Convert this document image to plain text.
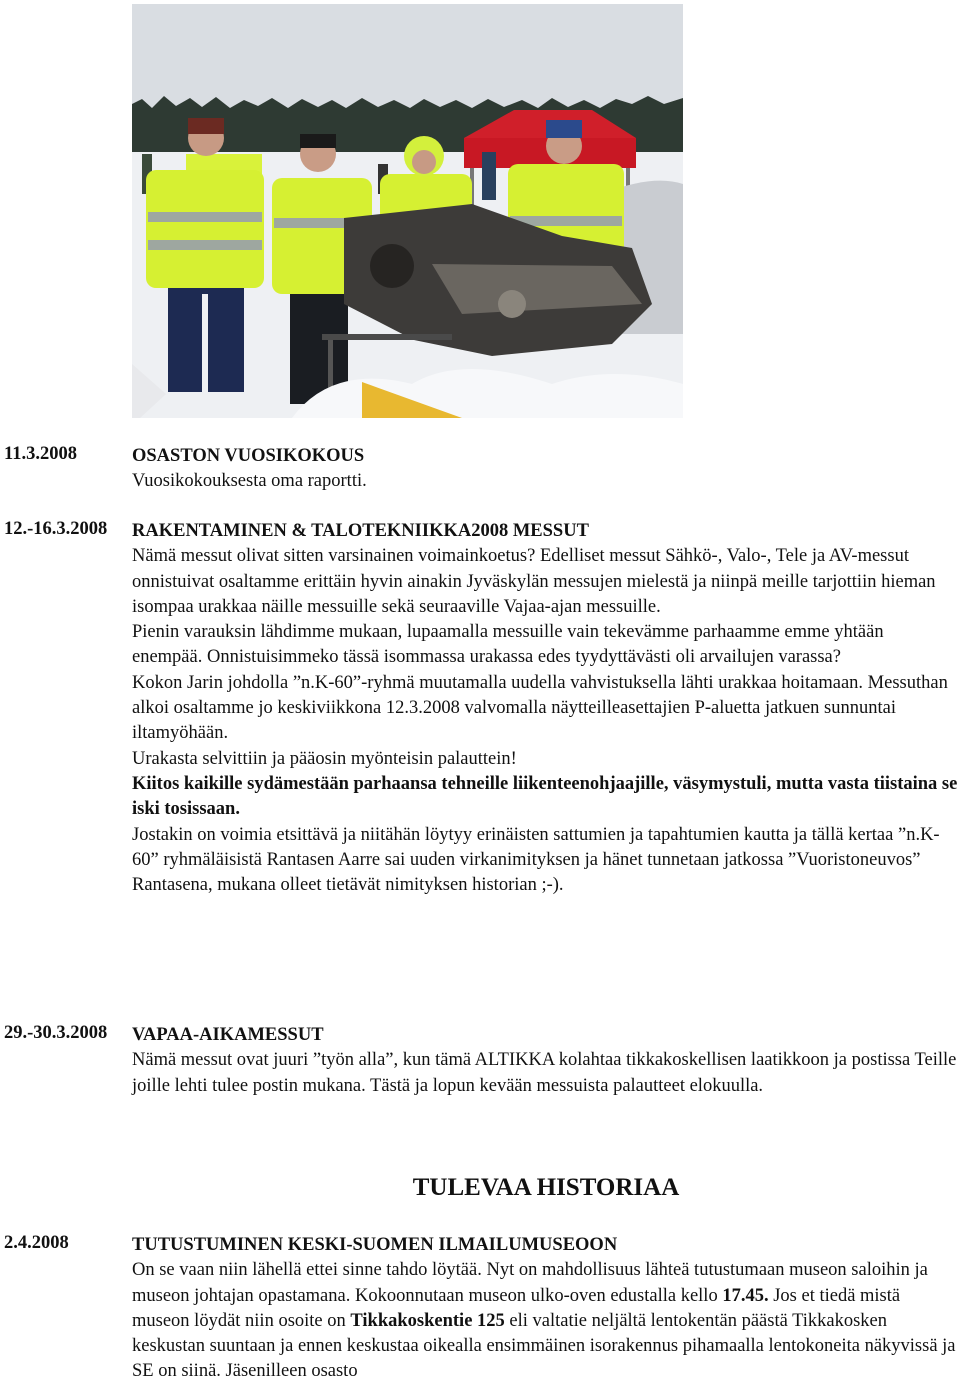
11.3.2008	OSASTON VUOSIKOKOUS

Vuosikokouksesta oma raportti.

12.-16.3.2008 RAKENTAMINEN & TALOTEKNIIKKA2008 MESSUT

Nämä messut olivat sitten varsinainen voimainkoetus? Edelliset messut Sähkö-, Valo-, Tele ja AV-messut onnistuivat osaltamme erittäin hyvin ainakin Jyväskylän messujen mielestä ja niinpä meille tarjottiin hieman isompaa urakkaa näille messuille sekä seuraaville Vajaa-ajan messuille.

Pienin varauksin lähdimme mukaan, lupaamalla messuille vain tekevämme parhaamme emme yhtään enempää. Onnistuisimmeko tässä isommassa urakassa edes tyydyttävästi oli arvailujen varassa?

Kokon Jarin johdolla ”n.K-60”-ryhmä muutamalla uudella vahvistuksella lähti urakkaa hoitamaan. Messuthan alkoi osaltamme jo keskiviikkona 12.3.2008 valvomalla näytteilleasettajien P-aluetta jatkuen sunnuntai iltamyöhään.

Urakasta selvittiin ja pääosin myönteisin palauttein!

Kiitos kaikille sydämestään parhaansa tehneille liikenteenohjaajille, väsymystuli, mutta vasta tiistaina se iski tosissaan.

Jostakin on voimia etsittävä ja niitähän löytyy erinäisten sattumien ja tapahtumien kautta ja tällä kertaa ”n.K-60” ryhmäläisistä Rantasen Aarre sai uuden virkanimityksen ja hänet tunnetaan jatkossa ”Vuoristoneuvos” Rantasena, mukana olleet tietävät nimityksen historian ;-).

29.-30.3.2008 VAPAA-AIKAMESSUT

Nämä messut ovat juuri ”työn alla”, kun tämä ALTIKKA kolahtaa tikkakoskellisen laatikkoon ja postissa Teille joille lehti tulee postin mukana. Tästä ja lopun kevään messuista palautteet elokuulla.

TULEVAA HISTORIAA
2.4.2008	TUTUSTUMINEN KESKI-SUOMEN ILMAILUMUSEOON

On se vaan niin lähellä ettei sinne tahdo löytää. Nyt on mahdollisuus lähteä tutustumaan museon saloihin ja museon johtajan opastamana. Kokoonnutaan museon ulko-oven edustalla kello 17.45. Jos et tiedä mistä museon löydät niin osoite on Tikkakoskentie 125 eli valtatie neljältä lentokentän päästä Tikkakosken keskustan suuntaan ja ennen keskustaa oikealla ensimmäinen isorakennus pihamaalla lentokoneita näkyvissä ja SE on siinä. Jäsenilleen osasto
